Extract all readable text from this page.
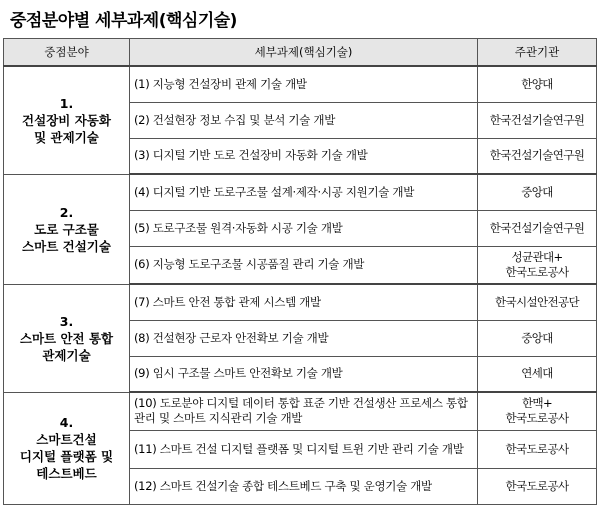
중점분야별 세부과제(핵심기술)
중점분야	세부과제(핵심기술)	주관기관

1.
건설장비 자동화
및 관제기술	(1) 지능형 건설장비 관제 기술 개발	한양대
	(2) 건설현장 정보 수집 및 분석 기술 개발	한국건설기술연구원
	(3) 디지털 기반 도로 건설장비 자동화 기술 개발	한국건설기술연구원

2.
도로 구조물
스마트 건설기술	(4) 디지털 기반 도로구조물 설계·제작·시공 지원기술 개발	중앙대
	(5) 도로구조물 원격·자동화 시공 기술 개발	한국건설기술연구원
	(6) 지능형 도로구조물 시공품질 관리 기술 개발	성균관대+
한국도로공사

3.
스마트 안전 통합
관제기술	(7) 스마트 안전 통합 관제 시스템 개발	한국시설안전공단
	(8) 건설현장 근로자 안전확보 기술 개발	중앙대
	(9) 임시 구조물 스마트 안전확보 기술 개발	연세대

4.
스마트건설
디지털 플랫폼 및
테스트베드	(10) 도로분야 디지털 데이터 통합 표준 기반 건설생산 프로세스 통합 관리 및 스마트 지식관리 기술 개발	한맥+
한국도로공사

	(11) 스마트 건설 디지털 플랫폼 및 디지털 트윈 기반 관리 기술 개발	한국도로공사
	(12) 스마트 건설기술 종합 테스트베드 구축 및 운영기술 개발	한국도로공사
